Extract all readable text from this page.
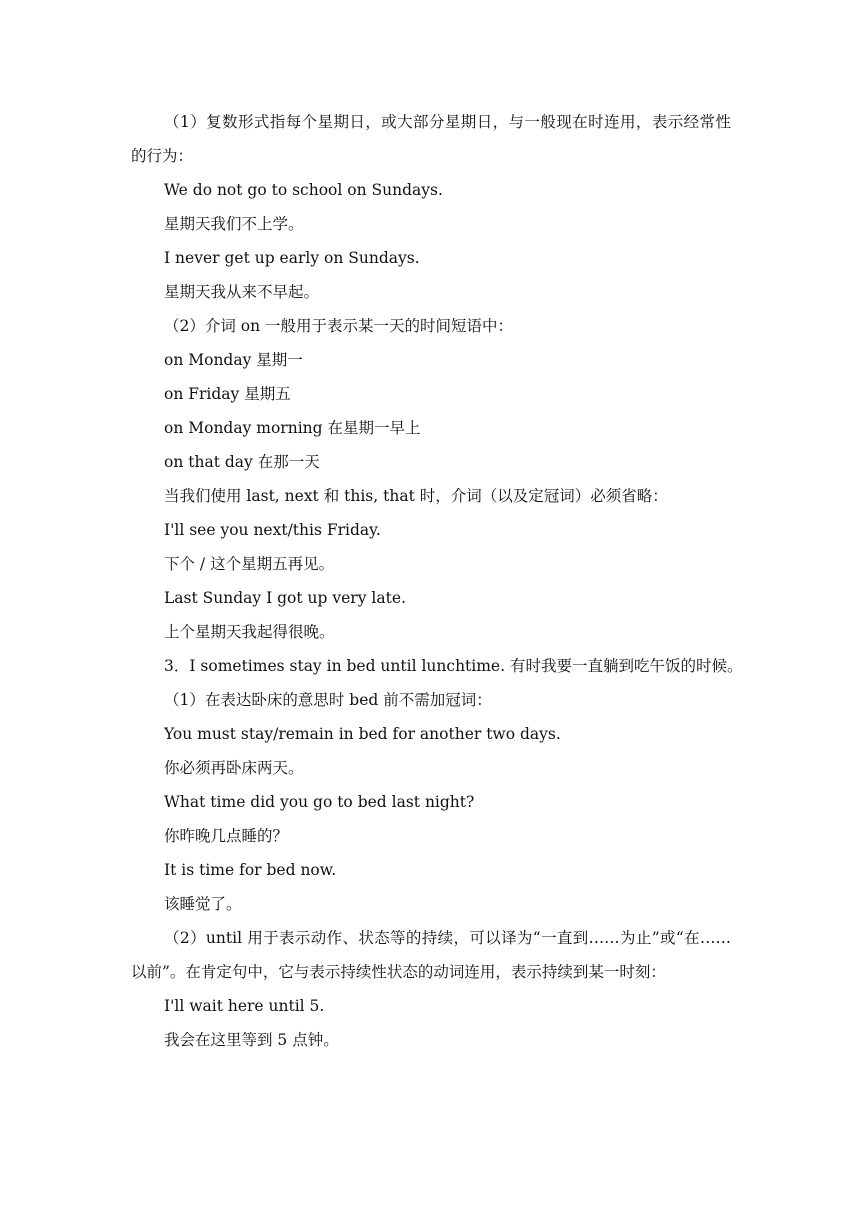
（1）复数形式指每个星期日，或大部分星期日，与一般现在时连用，表示经常性的行为：
We do not go to school on Sundays.
星期天我们不上学。
I never get up early on Sundays.
星期天我从来不早起。
（2）介词 on 一般用于表示某一天的时间短语中：
on Monday 星期一
on Friday 星期五
on Monday morning 在星期一早上
on that day 在那一天
当我们使用 last, next 和 this, that 时，介词（以及定冠词）必须省略：
I'll see you next/this Friday.
下个 / 这个星期五再见。
Last Sunday I got up very late.
上个星期天我起得很晚。
3．I sometimes stay in bed until lunchtime. 有时我要一直躺到吃午饭的时候。
（1）在表达卧床的意思时 bed 前不需加冠词：
You must stay/remain in bed for another two days.
你必须再卧床两天。
What time did you go to bed last night?
你昨晚几点睡的？
It is time for bed now.
该睡觉了。
（2）until 用于表示动作、状态等的持续，可以译为“一直到……为止”或“在……以前”。在肯定句中，它与表示持续性状态的动词连用，表示持续到某一时刻：
I'll wait here until 5.
我会在这里等到 5 点钟。
